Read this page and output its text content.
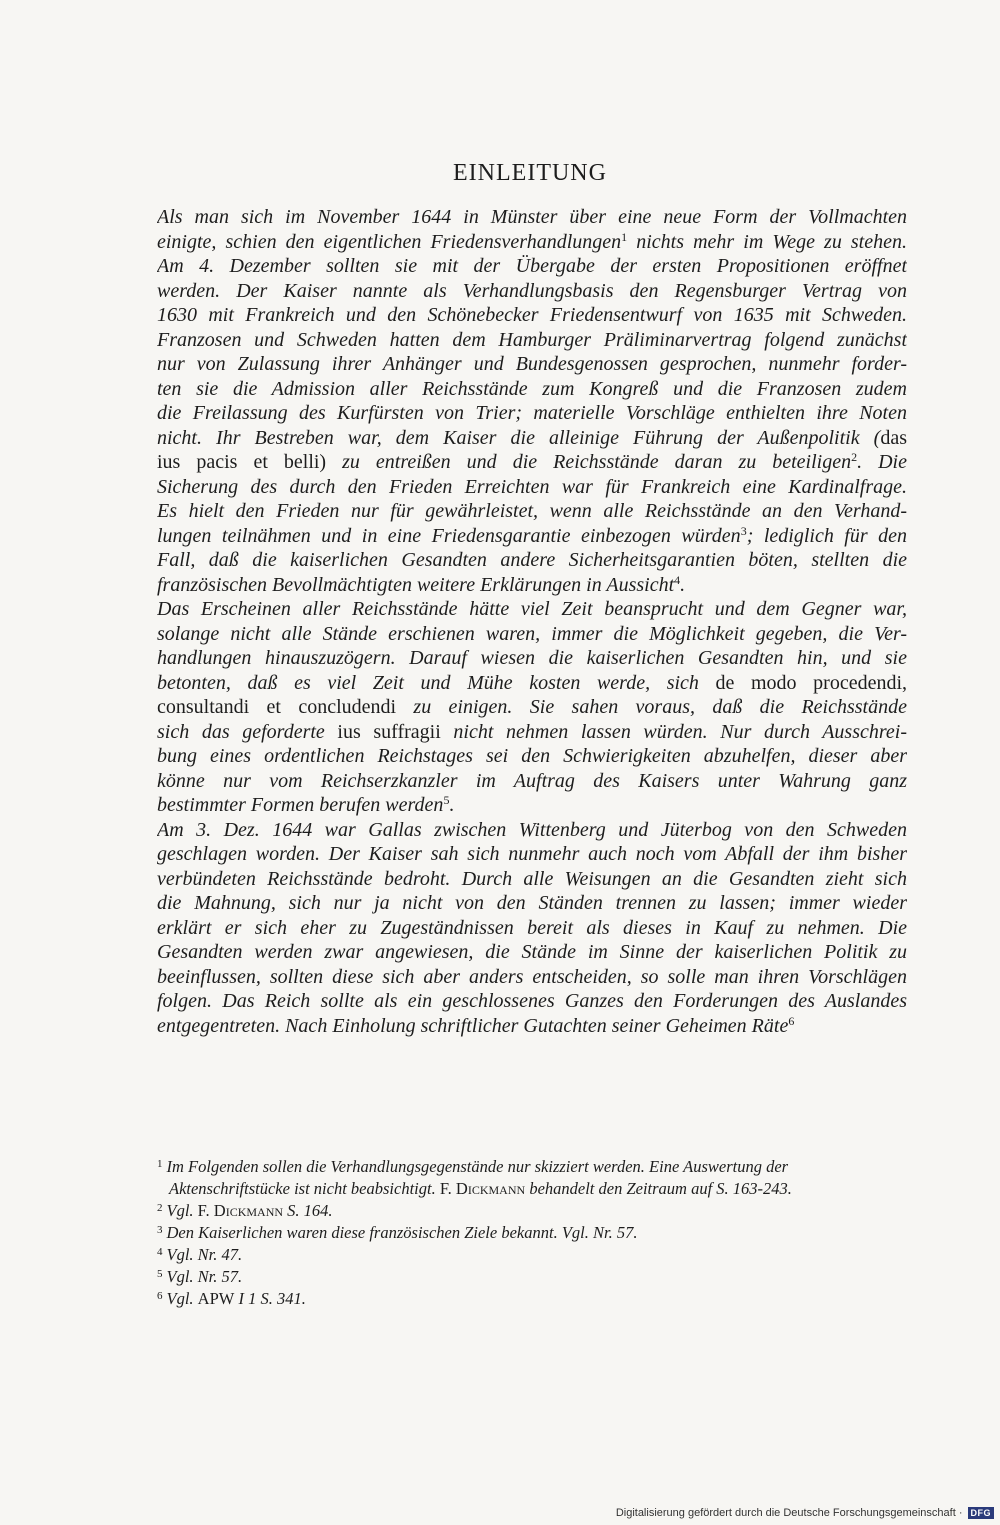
EINLEITUNG
Als man sich im November 1644 in Münster über eine neue Form der Vollmachten
einigte, schien den eigentlichen Friedensverhandlungen$^1$ nichts mehr im Wege zu stehen.
Am 4. Dezember sollten sie mit der Übergabe der ersten Propositionen eröffnet
werden. Der Kaiser nannte als Verhandlungsbasis den Regensburger Vertrag von
1630 mit Frankreich und den Schönebecker Friedensentwurf von 1635 mit Schweden.
Franzosen und Schweden hatten dem Hamburger Präliminarvertrag folgend zunächst
nur von Zulassung ihrer Anhänger und Bundesgenossen gesprochen, nunmehr forder-
ten sie die Admission aller Reichsstände zum Kongreß und die Franzosen zudem
die Freilassung des Kurfürsten von Trier; materielle Vorschläge enthielten ihre Noten
nicht. Ihr Bestreben war, dem Kaiser die alleinige Führung der Außenpolitik (das
ius pacis et belli) zu entreißen und die Reichsstände daran zu beteiligen$^2$. Die
Sicherung des durch den Frieden Erreichten war für Frankreich eine Kardinalfrage.
Es hielt den Frieden nur für gewährleistet, wenn alle Reichsstände an den Verhand-
lungen teilnähmen und in eine Friedensgarantie einbezogen würden$^3$; lediglich für den
Fall, daß die kaiserlichen Gesandten andere Sicherheitsgarantien böten, stellten die
französischen Bevollmächtigten weitere Erklärungen in Aussicht$^4$.
Das Erscheinen aller Reichsstände hätte viel Zeit beansprucht und dem Gegner war,
solange nicht alle Stände erschienen waren, immer die Möglichkeit gegeben, die Ver-
handlungen hinauszuzögern. Darauf wiesen die kaiserlichen Gesandten hin, und sie
betonten, daß es viel Zeit und Mühe kosten werde, sich de modo procedendi,
consultandi et concludendi zu einigen. Sie sahen voraus, daß die Reichsstände
sich das geforderte ius suffragii nicht nehmen lassen würden. Nur durch Ausschrei-
bung eines ordentlichen Reichstages sei den Schwierigkeiten abzuhelfen, dieser aber
könne nur vom Reichserzkanzler im Auftrag des Kaisers unter Wahrung ganz
bestimmter Formen berufen werden$^5$.
Am 3. Dez. 1644 war Gallas zwischen Wittenberg und Jüterbog von den Schweden
geschlagen worden. Der Kaiser sah sich nunmehr auch noch vom Abfall der ihm bisher
verbündeten Reichsstände bedroht. Durch alle Weisungen an die Gesandten zieht sich
die Mahnung, sich nur ja nicht von den Ständen trennen zu lassen; immer wieder
erklärt er sich eher zu Zugeständnissen bereit als dieses in Kauf zu nehmen. Die
Gesandten werden zwar angewiesen, die Stände im Sinne der kaiserlichen Politik zu
beeinflussen, sollten diese sich aber anders entscheiden, so solle man ihren Vorschlägen
folgen. Das Reich sollte als ein geschlossenes Ganzes den Forderungen des Auslandes
entgegentreten. Nach Einholung schriftlicher Gutachten seiner Geheimen Räte$^6$
$^1$ Im Folgenden sollen die Verhandlungsgegenstände nur skizziert werden. Eine Auswertung der
Aktenschriftstücke ist nicht beabsichtigt. F. Dickmann behandelt den Zeitraum auf S. 163-243.
$^2$ Vgl. F. Dickmann S. 164.
$^3$ Den Kaiserlichen waren diese französischen Ziele bekannt. Vgl. Nr. 57.
$^4$ Vgl. Nr. 47.
$^5$ Vgl. Nr. 57.
$^6$ Vgl. APW I 1 S. 341.
Digitalisierung gefördert durch die Deutsche Forschungsgemeinschaft · DFG
